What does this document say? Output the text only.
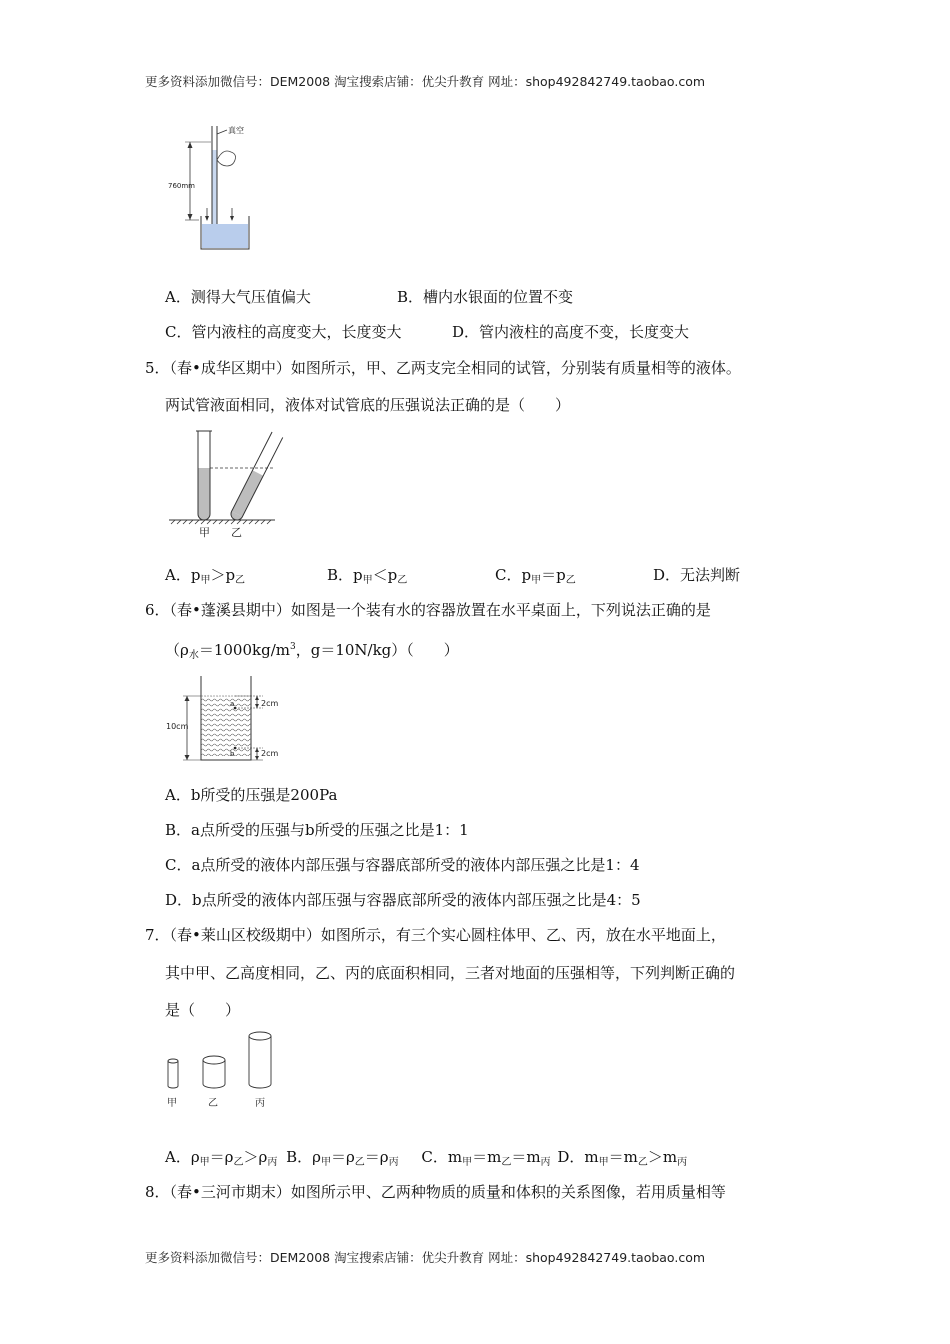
更多资料添加微信号：DEM2008 淘宝搜索店铺：优尖升教育 网址：shop492842749.taobao.com
真空
760mm
A．测得大气压值偏大	B．槽内水银面的位置不变
C．管内液柱的高度变大，长度变大	D．管内液柱的高度不变，长度变大
5．（春•成华区期中）如图所示，甲、乙两支完全相同的试管，分别装有质量相等的液体。
两试管液面相同，液体对试管底的压强说法正确的是（　　）
甲 乙
A．$p_甲>p_乙$	B．$p_甲<p_乙$	C．$p_甲=p_乙$	D．无法判断
6．（春•蓬溪县期中）如图是一个装有水的容器放置在水平桌面上，下列说法正确的是
（$\rho_水=1000kg/m^3$，g＝10N/kg）（　　）
10cm
a
b
2cm
2cm
A．b所受的压强是200Pa
B．a点所受的压强与b所受的压强之比是1：1
C．a点所受的液体内部压强与容器底部所受的液体内部压强之比是1：4
D．b点所受的液体内部压强与容器底部所受的液体内部压强之比是4：5
7．（春•莱山区校级期中）如图所示，有三个实心圆柱体甲、乙、丙，放在水平地面上，
其中甲、乙高度相同，乙、丙的底面积相同，三者对地面的压强相等，下列判断正确的
是（　　）
甲	乙	丙
A．$\rho_甲=\rho_乙>\rho_丙$ B．$\rho_甲=\rho_乙=\rho_丙$ C．$m_甲=m_乙=m_丙$ D．$m_甲=m_乙>m_丙$
8．（春•三河市期末）如图所示甲、乙两种物质的质量和体积的关系图像，若用质量相等
更多资料添加微信号：DEM2008 淘宝搜索店铺：优尖升教育 网址：shop492842749.taobao.com
